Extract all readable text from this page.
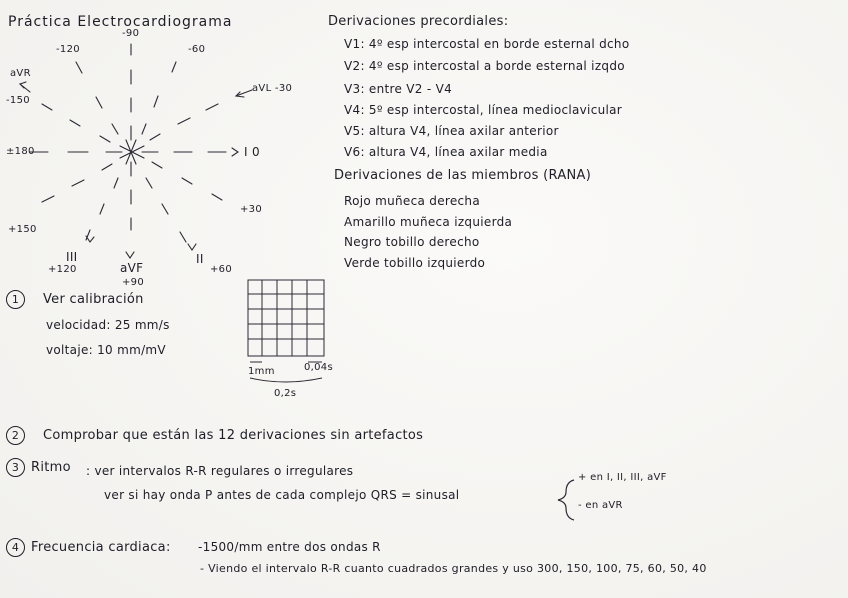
Práctica Electrocardiograma
-90
-120	-60
aVR
-150
aVL -30
±180	I 0
+30
+150
III
aVF
II
+120
+90
+60
Derivaciones precordiales:
V1: 4º esp intercostal en borde esternal dcho
V2: 4º esp intercostal a borde esternal izqdo
V3: entre V2 - V4
V4: 5º esp intercostal, línea medioclavicular
V5: altura V4, línea axilar anterior
V6: altura V4, línea axilar media
Derivaciones de las miembros (RANA)
Rojo muñeca derecha
Amarillo muñeca izquierda
Negro tobillo derecho
Verde tobillo izquierdo
1 Ver calibración
velocidad: 25 mm/s
voltaje: 10 mm/mV
1mm	0,04s
0,2s
2 Comprobar que están las 12 derivaciones sin artefactos
3 Ritmo : ver intervalos R-R regulares o irregulares
ver si hay onda P antes de cada complejo QRS = sinusal
+ en I, II, III, aVF
- en aVR
4 Frecuencia cardiaca: -1500/mm entre dos ondas R
- Viendo el intervalo R-R cuanto cuadrados grandes y uso 300, 150, 100, 75, 60, 50, 40
